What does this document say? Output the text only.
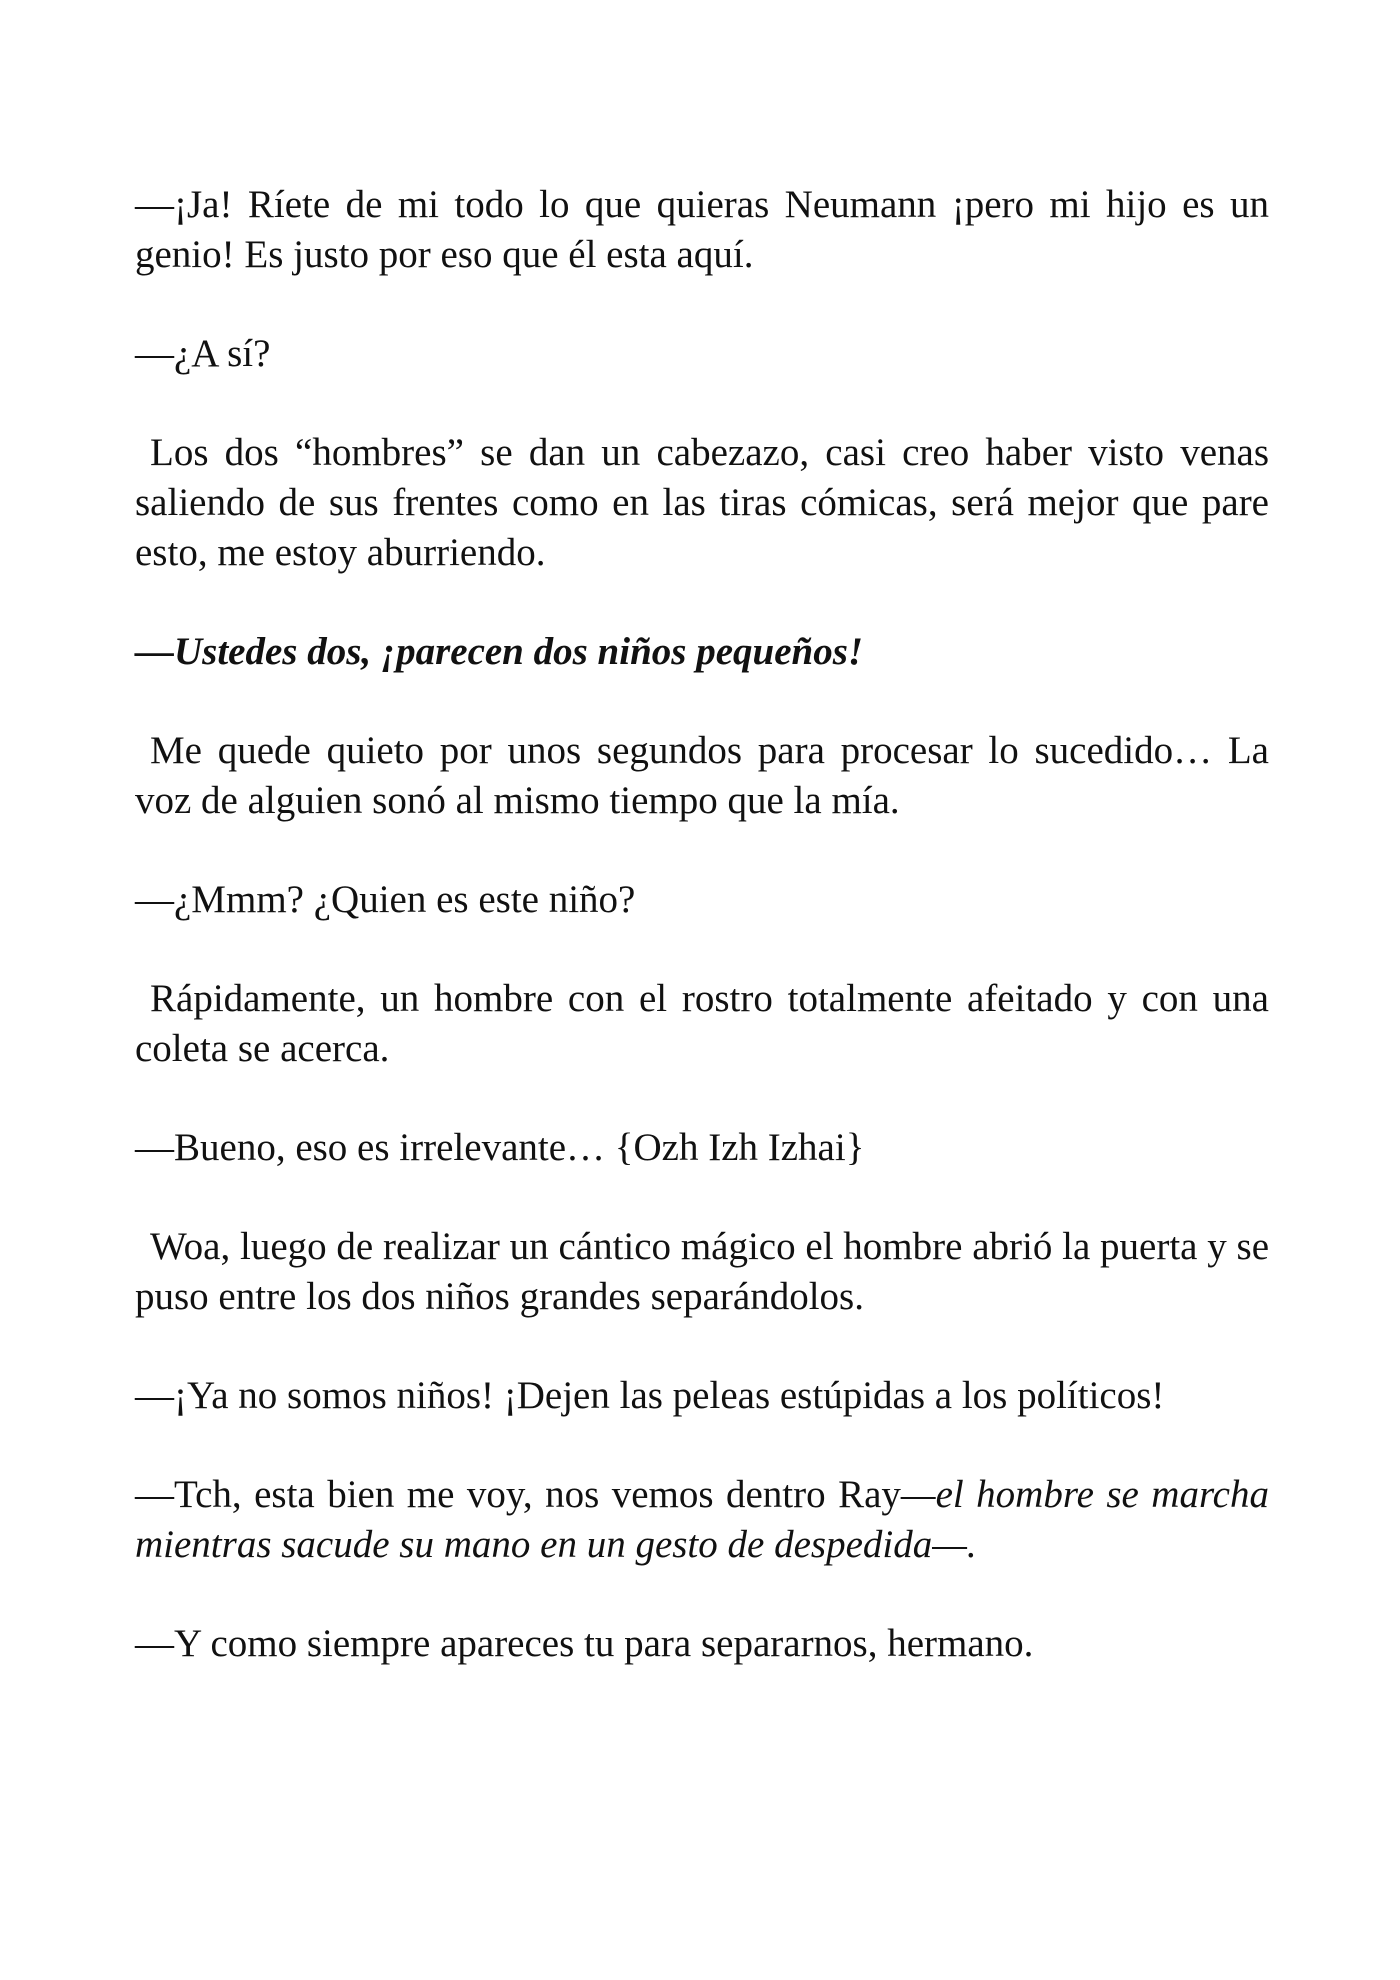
—¡Ja! Ríete de mi todo lo que quieras Neumann ¡pero mi hijo es un genio! Es justo por eso que él esta aquí.

—¿A sí?

Los dos “hombres” se dan un cabezazo, casi creo haber visto venas saliendo de sus frentes como en las tiras cómicas, será mejor que pare esto, me estoy aburriendo.

—Ustedes dos, ¡parecen dos niños pequeños!

Me quede quieto por unos segundos para procesar lo sucedido… La voz de alguien sonó al mismo tiempo que la mía.

—¿Mmm? ¿Quien es este niño?

Rápidamente, un hombre con el rostro totalmente afeitado y con una coleta se acerca.

—Bueno, eso es irrelevante… {Ozh Izh Izhai}

Woa, luego de realizar un cántico mágico el hombre abrió la puerta y se puso entre los dos niños grandes separándolos.

—¡Ya no somos niños! ¡Dejen las peleas estúpidas a los políticos!

—Tch, esta bien me voy, nos vemos dentro Ray—el hombre se marcha mientras sacude su mano en un gesto de despedida—.

—Y como siempre apareces tu para separarnos, hermano.
